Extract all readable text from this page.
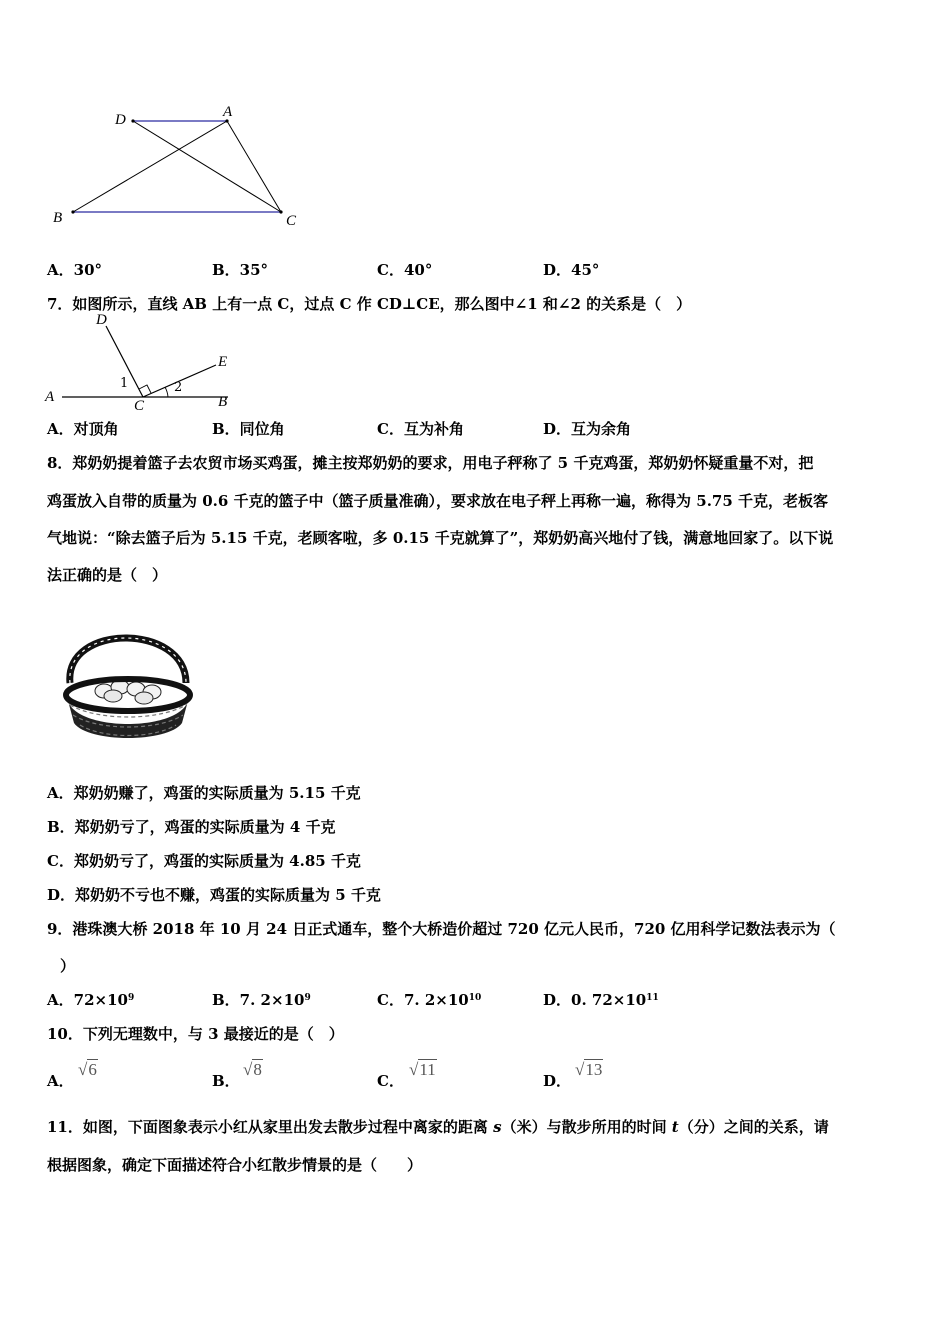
D	A
B	C
A．30°	B．35°	C．40°	D．45°
7．如图所示，直线 AB 上有一点 C，过点 C 作 CD⊥CE，那么图中∠1 和∠2 的关系是（　）
D
E
A	B
C
1	2
A．对顶角	B．同位角	C．互为补角	D．互为余角
8．郑奶奶提着篮子去农贸市场买鸡蛋，摊主按郑奶奶的要求，用电子秤称了 5 千克鸡蛋，郑奶奶怀疑重量不对，把
鸡蛋放入自带的质量为 0.6 千克的篮子中（篮子质量准确），要求放在电子秤上再称一遍，称得为 5.75 千克，老板客
气地说：“除去篮子后为 5.15 千克，老顾客啦，多 0.15 千克就算了”，郑奶奶高兴地付了钱，满意地回家了。以下说
法正确的是（　）
A．郑奶奶赚了，鸡蛋的实际质量为 5.15 千克
B．郑奶奶亏了，鸡蛋的实际质量为 4 千克
C．郑奶奶亏了，鸡蛋的实际质量为 4.85 千克
D．郑奶奶不亏也不赚，鸡蛋的实际质量为 5 千克
9．港珠澳大桥 2018 年 10 月 24 日正式通车，整个大桥造价超过 720 亿元人民币，720 亿用科学记数法表示为（
）
A．$72\times 10^9$	B．7. $2\times 10^9$	C．7. $2\times 10^{10}$	D．0. $72\times 10^{11}$
10．下列无理数中，与 3 最接近的是（　）
A．
√6
B．
√8
C．
√11
D．
√13
11．如图，下面图象表示小红从家里出发去散步过程中离家的距离 s（米）与散步所用的时间 t（分）之间的关系，请
根据图象，确定下面描述符合小红散步情景的是（　　）
